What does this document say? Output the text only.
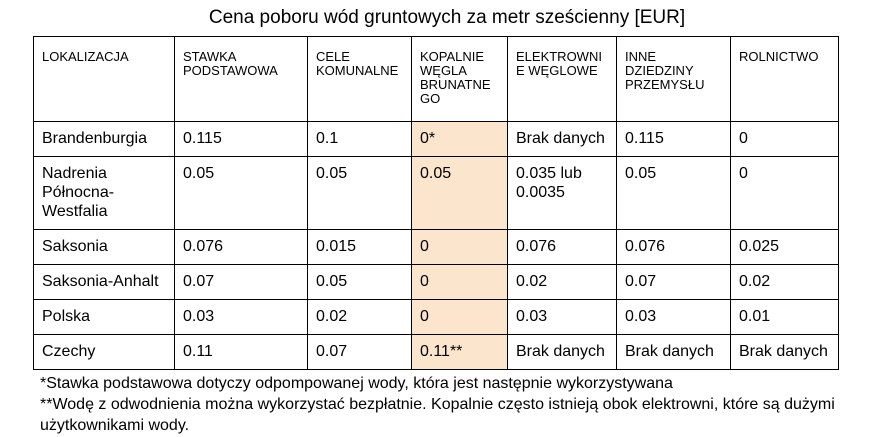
Cena poboru wód gruntowych za metr sześcienny [EUR]
LOKALIZACJA	STAWKA PODSTAWOWA	CELE KOMUNALNE	KOPALNIE WĘGLA BRUNATNEGO	ELEKTROWNIE WĘGLOWE	INNE DZIEDZINY PRZEMYSŁU	ROLNICTWO
Brandenburgia	0.115	0.1	0*	Brak danych	0.115	0
Nadrenia Północna-Westfalia	0.05	0.05	0.05	0.035 lub 0.0035	0.05	0
Saksonia	0.076	0.015	0	0.076	0.076	0.025
Saksonia-Anhalt	0.07	0.05	0	0.02	0.07	0.02
Polska	0.03	0.02	0	0.03	0.03	0.01
Czechy	0.11	0.07	0.11**	Brak danych	Brak danych	Brak danych
*Stawka podstawowa dotyczy odpompowanej wody, która jest następnie wykorzystywana
**Wodę z odwodnienia można wykorzystać bezpłatnie. Kopalnie często istnieją obok elektrowni, które są dużymi użytkownikami wody.
